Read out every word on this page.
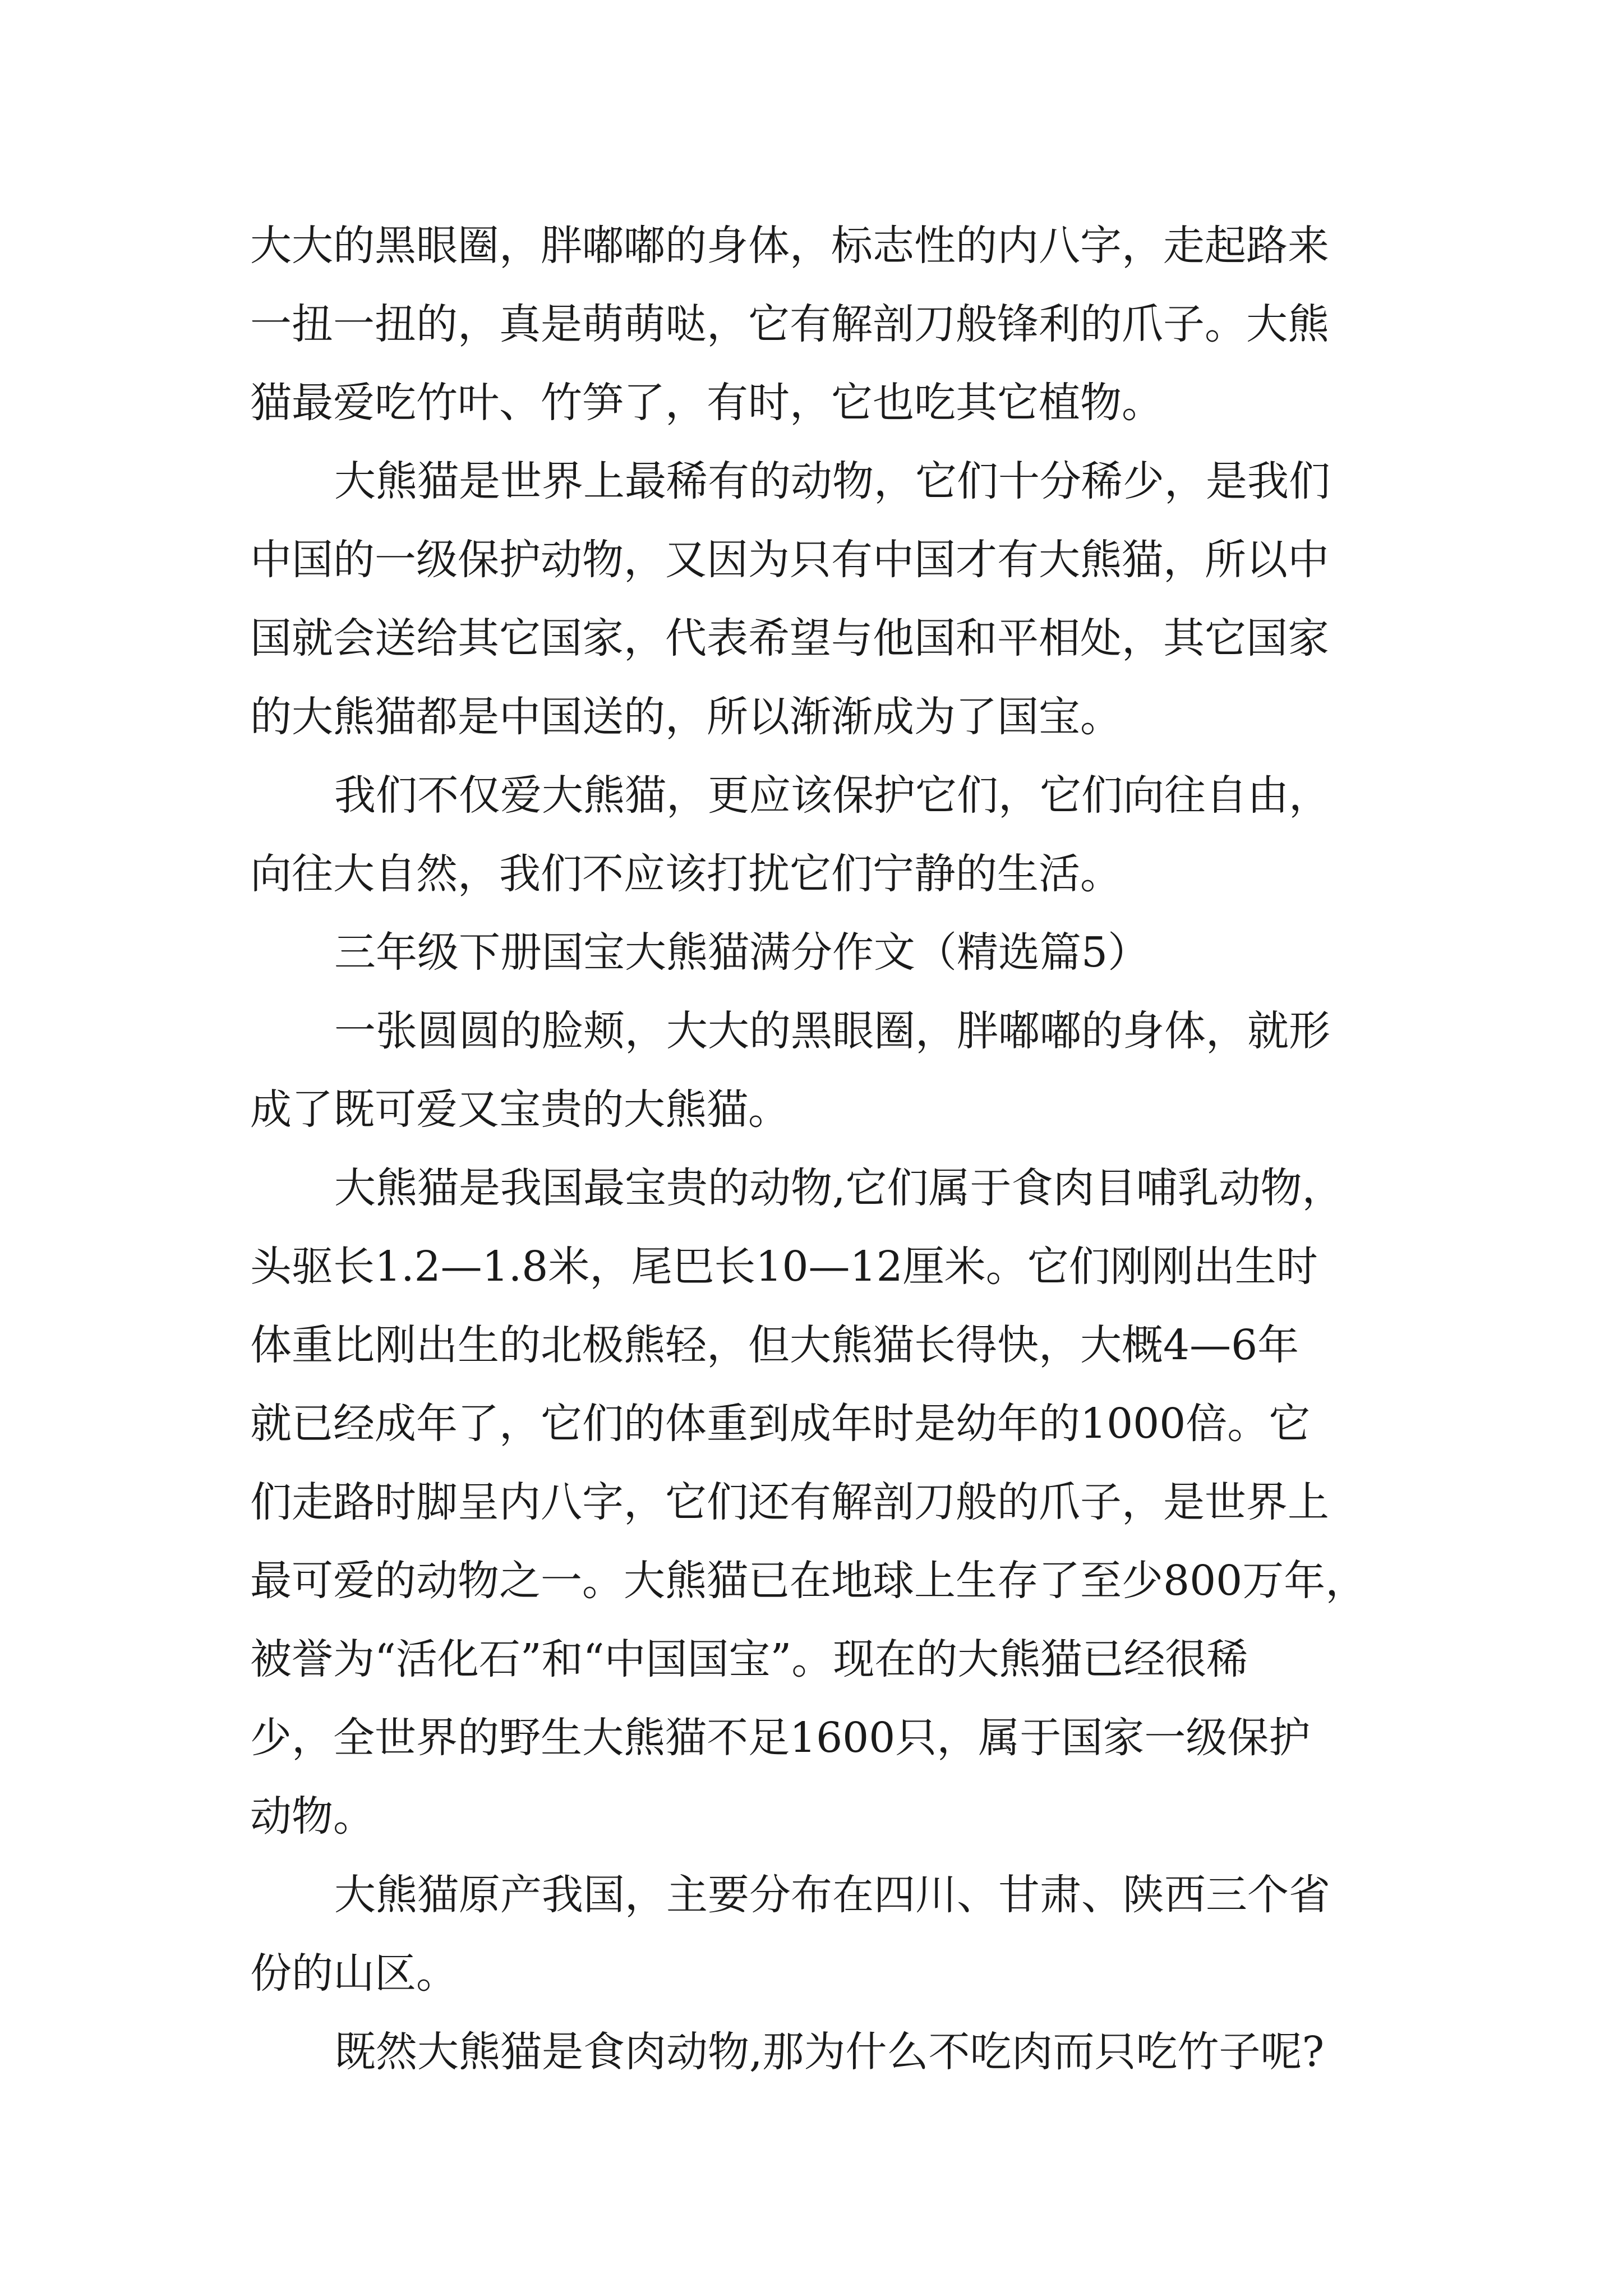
大大的黑眼圈，胖嘟嘟的身体，标志性的内八字，走起路来

一扭一扭的，真是萌萌哒，它有解剖刀般锋利的爪子。大熊

猫最爱吃竹叶、竹笋了，有时，它也吃其它植物。

大熊猫是世界上最稀有的动物，它们十分稀少，是我们

中国的一级保护动物，又因为只有中国才有大熊猫，所以中

国就会送给其它国家，代表希望与他国和平相处，其它国家

的大熊猫都是中国送的，所以渐渐成为了国宝。

我们不仅爱大熊猫，更应该保护它们，它们向往自由，

向往大自然，我们不应该打扰它们宁静的生活。

三年级下册国宝大熊猫满分作文（精选篇5）

一张圆圆的脸颊，大大的黑眼圈，胖嘟嘟的身体，就形

成了既可爱又宝贵的大熊猫。

大熊猫是我国最宝贵的动物,它们属于食肉目哺乳动物，

头驱长1.2—1.8米，尾巴长10—12厘米。它们刚刚出生时

体重比刚出生的北极熊轻，但大熊猫长得快，大概4—6年

就已经成年了，它们的体重到成年时是幼年的1000倍。它

们走路时脚呈内八字，它们还有解剖刀般的爪子，是世界上

最可爱的动物之一。大熊猫已在地球上生存了至少800万年，

被誉为“活化石”和“中国国宝”。现在的大熊猫已经很稀

少，全世界的野生大熊猫不足1600只，属于国家一级保护

动物。

大熊猫原产我国，主要分布在四川、甘肃、陕西三个省

份的山区。

既然大熊猫是食肉动物,那为什么不吃肉而只吃竹子呢?
